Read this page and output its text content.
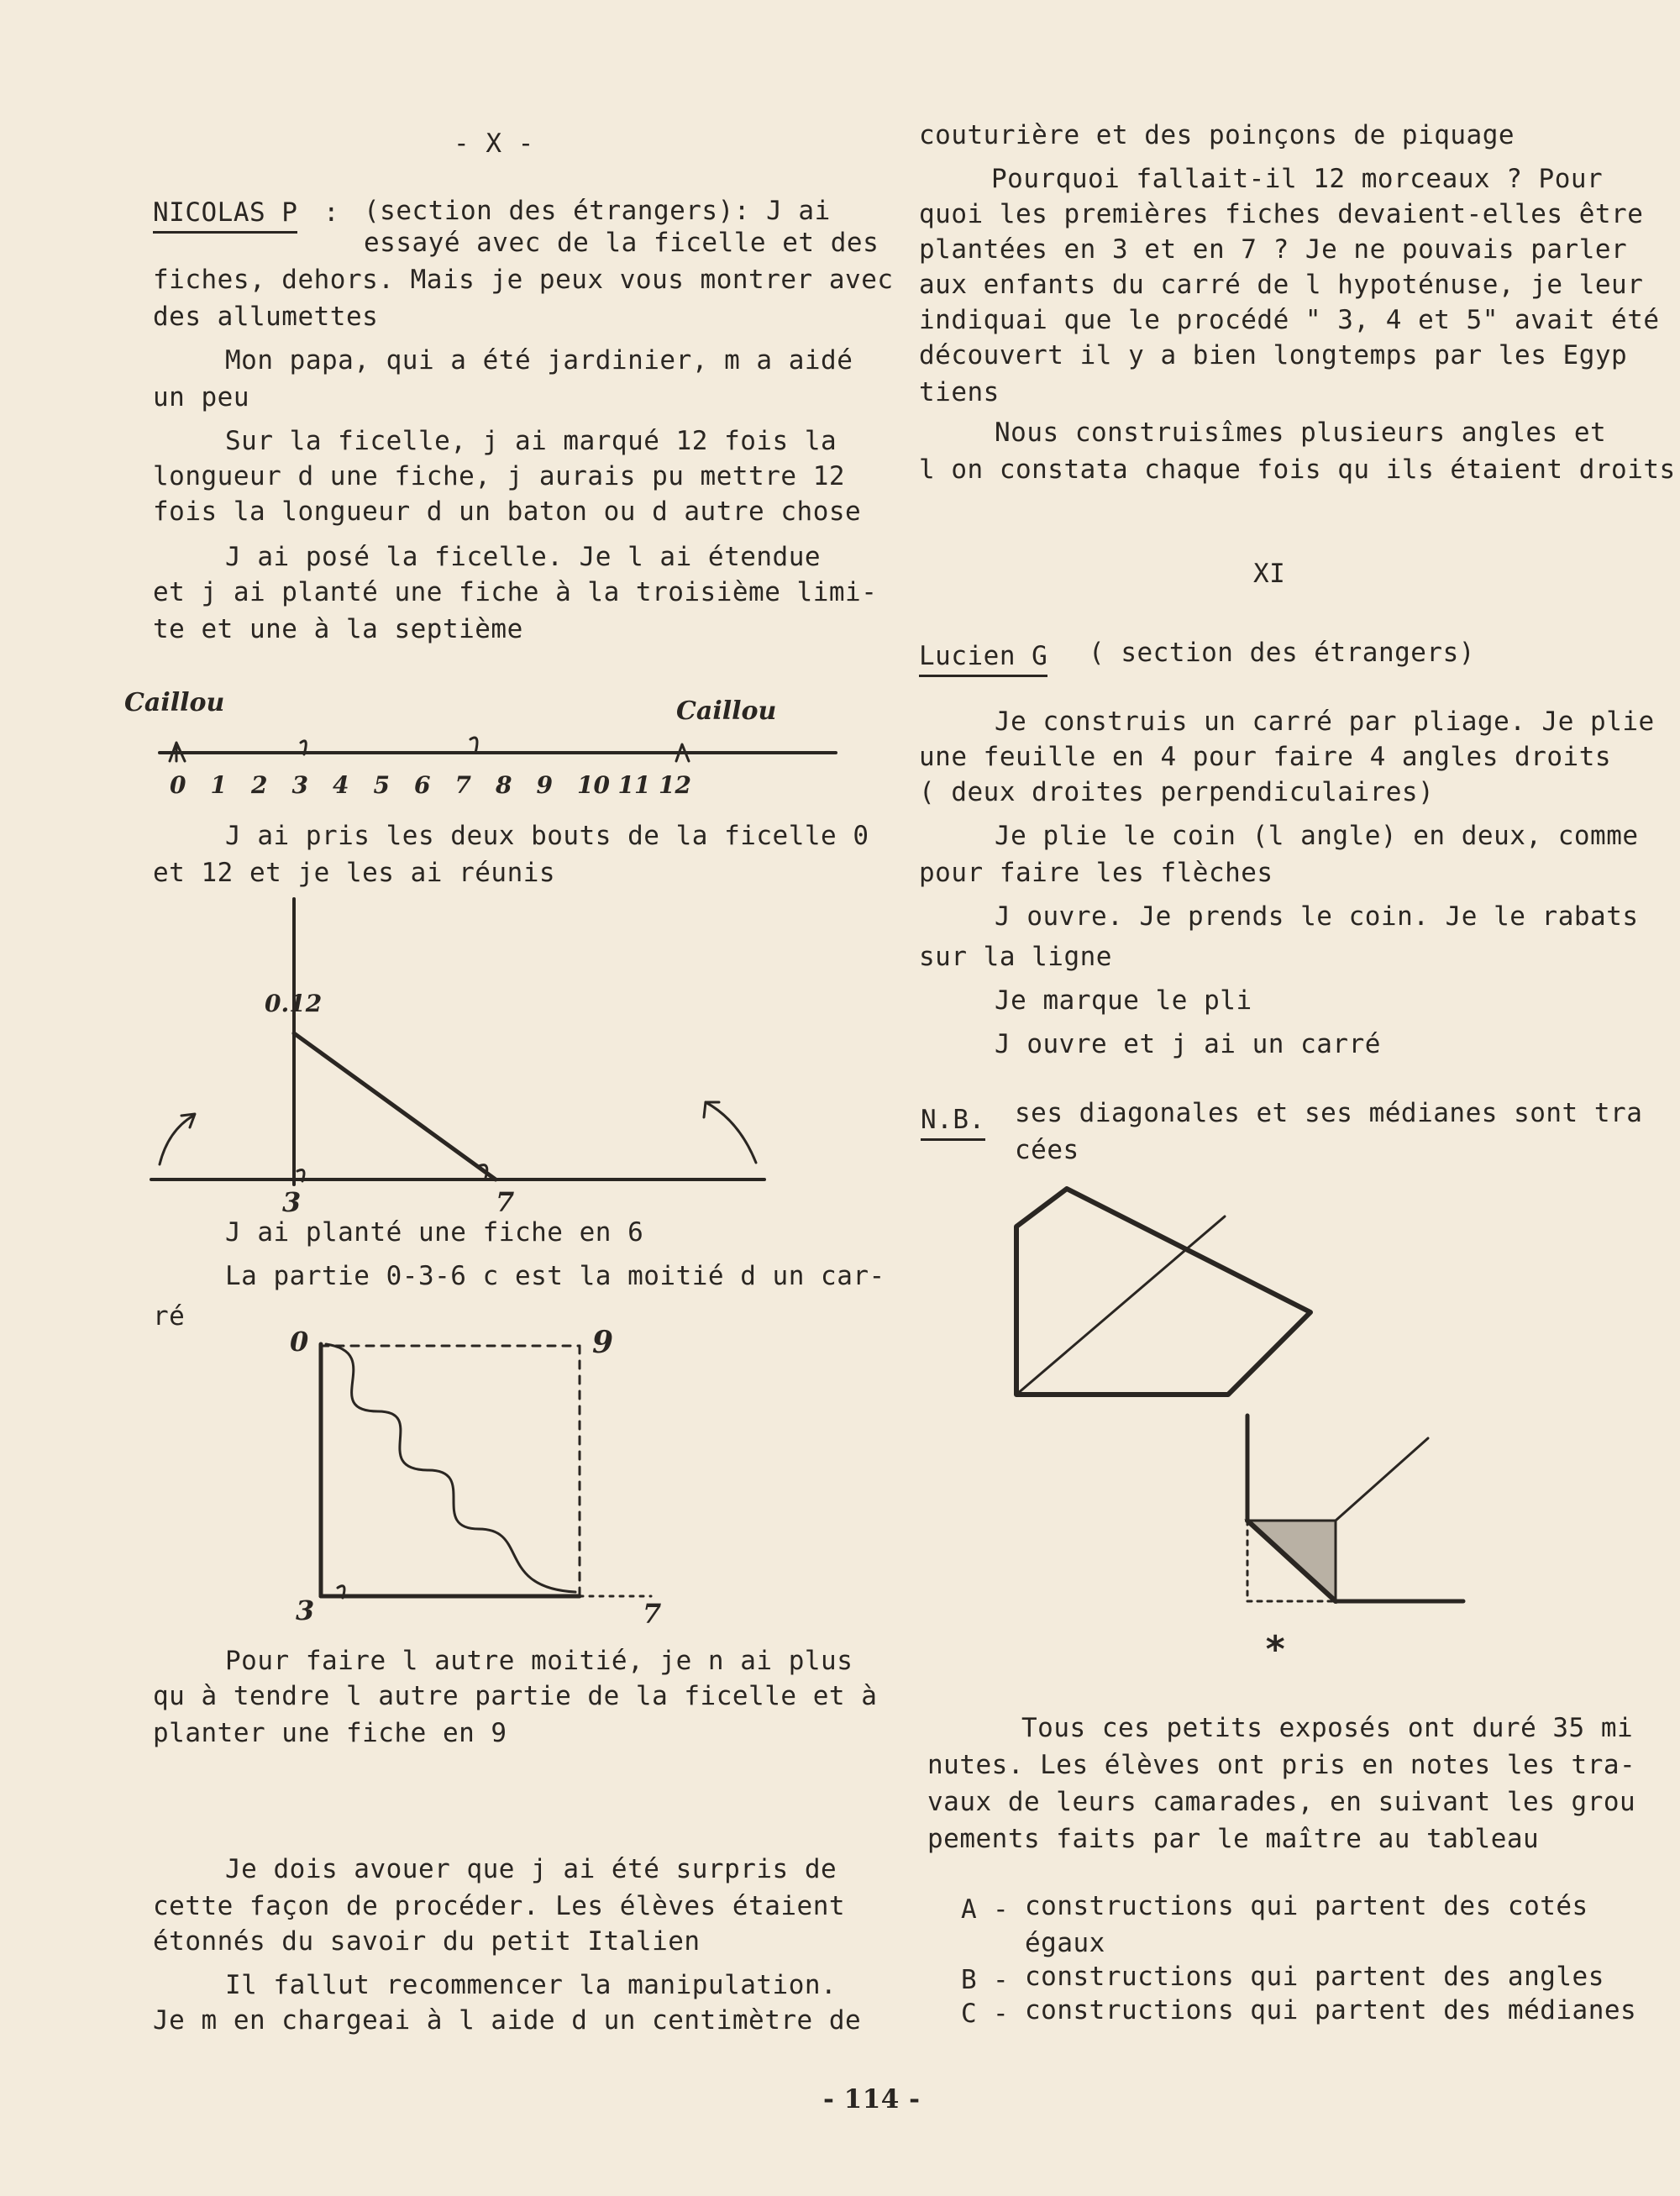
- X -
NICOLAS P : (section des étrangers): J ai
essayé avec de la ficelle et des
fiches, dehors. Mais je peux vous montrer avec
des allumettes
Mon papa, qui a été jardinier, m a aidé
un peu
Sur la ficelle, j ai marqué 12 fois la
longueur d une fiche, j aurais pu mettre 12
fois la longueur d un baton ou d autre chose
J ai posé la ficelle. Je l ai étendue
et j ai planté une fiche à la troisième limi-
te et une à la septième
Caillou	Caillou
0 1 2 3 4 5 6 7 8 9 10 11 12
J ai pris les deux bouts de la ficelle 0
et 12 et je les ai réunis
0.12
3	7
J ai planté une fiche en 6
La partie 0-3-6 c est la moitié d un car-
ré
0	9
3	7
Pour faire l autre moitié, je n ai plus
qu à tendre l autre partie de la ficelle et à
planter une fiche en 9
Je dois avouer que j ai été surpris de
cette façon de procéder. Les élèves étaient
étonnés du savoir du petit Italien
Il fallut recommencer la manipulation.
Je m en chargeai à l aide d un centimètre de
couturière et des poinçons de piquage
Pourquoi fallait-il 12 morceaux ? Pour
quoi les premières fiches devaient-elles être
plantées en 3 et en 7 ? Je ne pouvais parler
aux enfants du carré de l hypoténuse, je leur
indiquai que le procédé " 3, 4 et 5" avait été
découvert il y a bien longtemps par les Egyp
tiens
Nous construisîmes plusieurs angles et
l on constata chaque fois qu ils étaient droits
XI
Lucien G ( section des étrangers)
Je construis un carré par pliage. Je plie
une feuille en 4 pour faire 4 angles droits
( deux droites perpendiculaires)
Je plie le coin (l angle) en deux, comme
pour faire les flèches
J ouvre. Je prends le coin. Je le rabats
sur la ligne
Je marque le pli
J ouvre et j ai un carré
N.B. ses diagonales et ses médianes sont tra
cées
*
Tous ces petits exposés ont duré 35 mi
nutes. Les élèves ont pris en notes les tra-
vaux de leurs camarades, en suivant les grou
pements faits par le maître au tableau
A - constructions qui partent des cotés
égaux
B - constructions qui partent des angles
C - constructions qui partent des médianes
- 114 -
